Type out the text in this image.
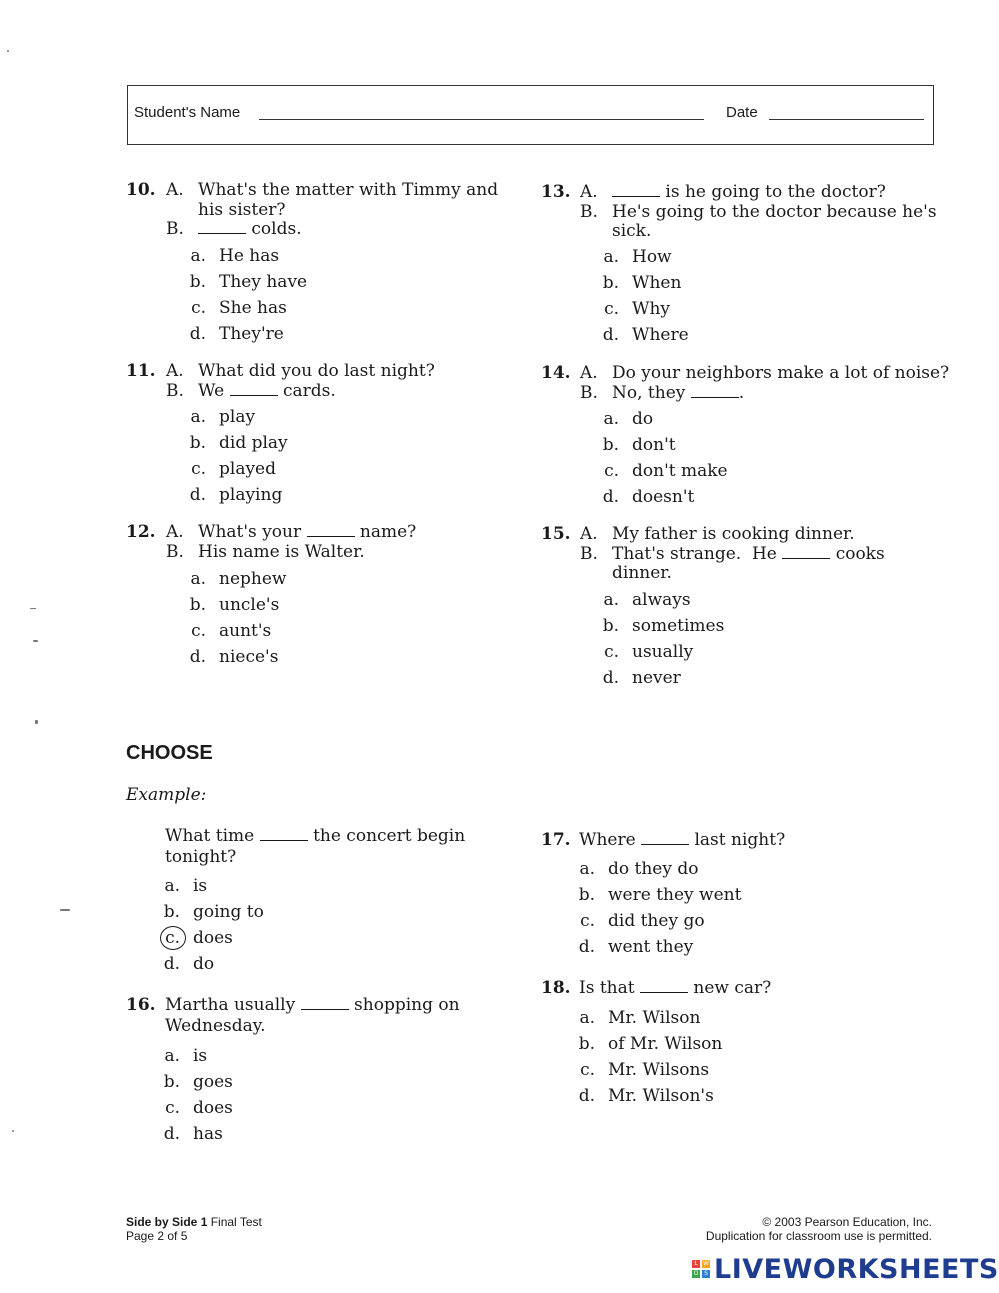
Student's Name	Date
10. A. What's the matter with Timmy and
his sister?
B.	colds.
a. He has
b. They have
c. She has
d. They're
11. A. What did you do last night?
B. We	cards.
a. play
b. did play
c. played
d. playing
12. A. What's your	name?
B. His name is Walter.
a. nephew
b. uncle's
c. aunt's
d. niece's
13. A.	is he going to the doctor?
B. He's going to the doctor because he's
sick.
a. How
b. When
c. Why
d. Where
14. A. Do your neighbors make a lot of noise?
B. No, they	.
a. do
b. don't
c. don't make
d. doesn't
15. A. My father is cooking dinner.
B. That's strange.  He	cooks
dinner.
a. always
b. sometimes
c. usually
d. never
CHOOSE
Example:
What time	the concert begin
tonight?
a. is
b. going to
c. does
d. do
16. Martha usually	shopping on
Wednesday.
a. is
b. goes
c. does
d. has
17. Where	last night?
a. do they do
b. were they went
c. did they go
d. went they
18. Is that	new car?
a. Mr. Wilson
b. of Mr. Wilson
c. Mr. Wilsons
d. Mr. Wilson's
Side by Side 1 Final Test
Page 2 of 5
© 2003 Pearson Education, Inc.
Duplication for classroom use is permitted.
L W
O S LIVEWORKSHEETS
